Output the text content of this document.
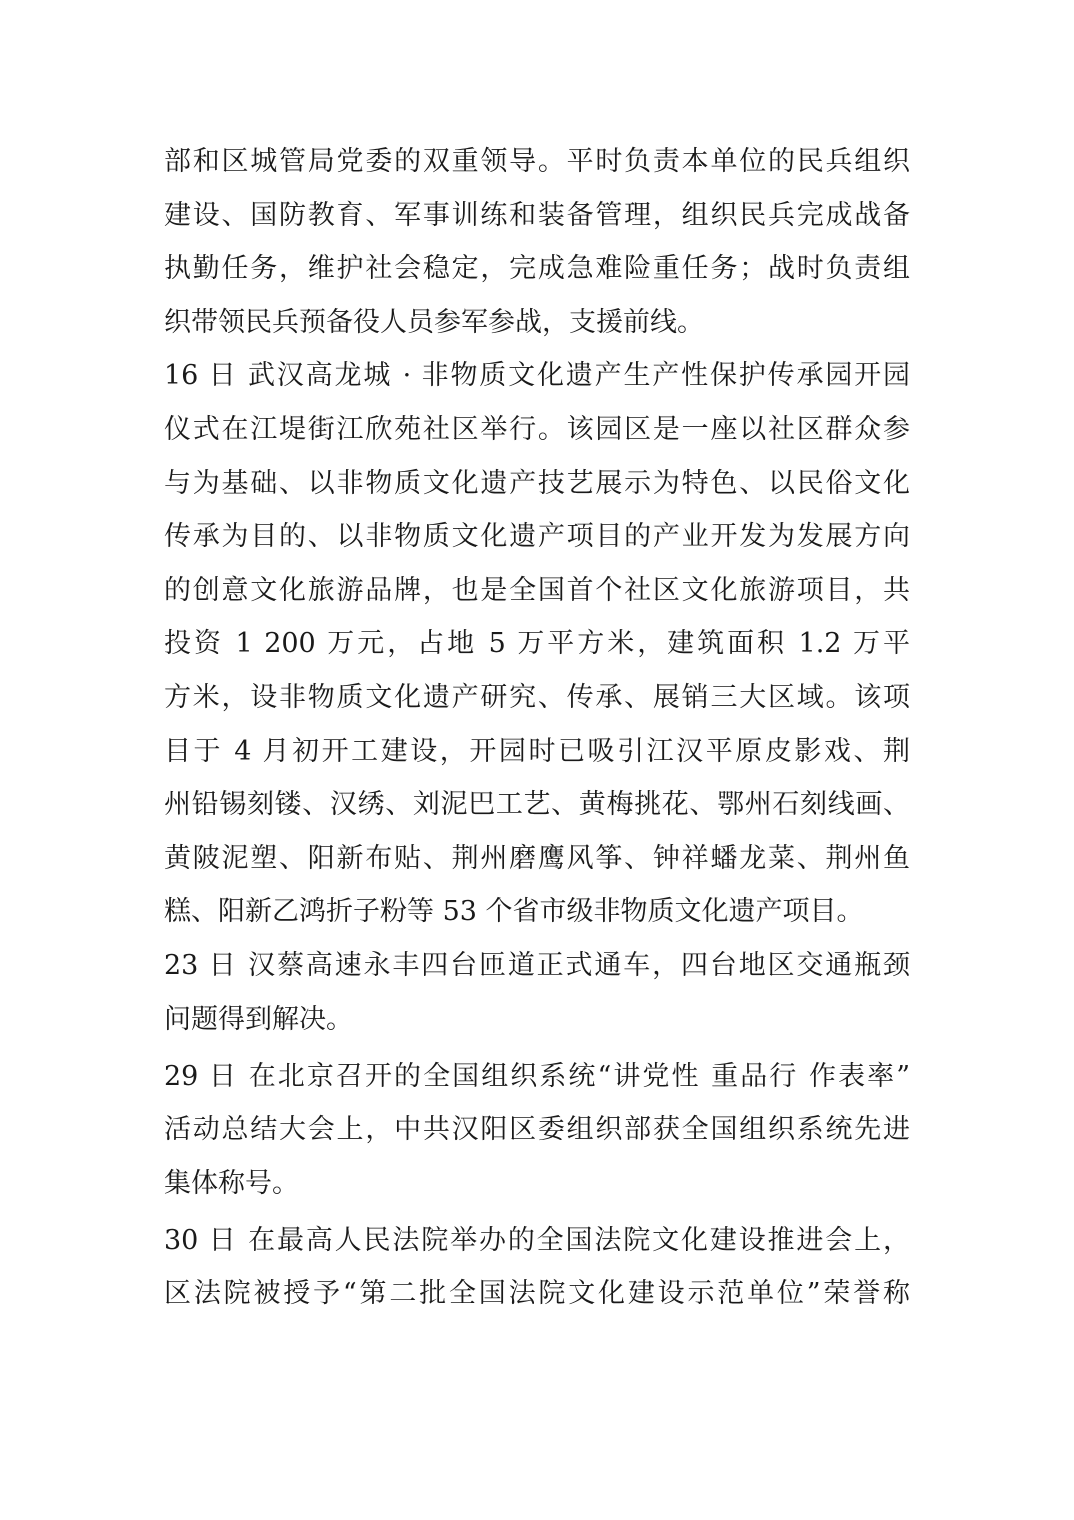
部和区城管局党委的双重领导。平时负责本单位的民兵组织
建设、国防教育、军事训练和装备管理，组织民兵完成战备
执勤任务，维护社会稳定，完成急难险重任务；战时负责组
织带领民兵预备役人员参军参战，支援前线。
16 日 武汉高龙城 · 非物质文化遗产生产性保护传承园开园
仪式在江堤街江欣苑社区举行。该园区是一座以社区群众参
与为基础、以非物质文化遗产技艺展示为特色、以民俗文化
传承为目的、以非物质文化遗产项目的产业开发为发展方向
的创意文化旅游品牌，也是全国首个社区文化旅游项目，共
投资 1 200 万元，占地 5 万平方米，建筑面积 1.2 万平
方米，设非物质文化遗产研究、传承、展销三大区域。该项
目于 4 月初开工建设，开园时已吸引江汉平原皮影戏、荆
州铅锡刻镂、汉绣、刘泥巴工艺、黄梅挑花、鄂州石刻线画、
黄陂泥塑、阳新布贴、荆州磨鹰风筝、钟祥蟠龙菜、荆州鱼
糕、阳新乙鸿折子粉等 53 个省市级非物质文化遗产项目。
23 日 汉蔡高速永丰四台匝道正式通车，四台地区交通瓶颈
问题得到解决。
29 日 在北京召开的全国组织系统“讲党性 重品行 作表率”
活动总结大会上，中共汉阳区委组织部获全国组织系统先进
集体称号。
30 日 在最高人民法院举办的全国法院文化建设推进会上，
区法院被授予“第二批全国法院文化建设示范单位”荣誉称
